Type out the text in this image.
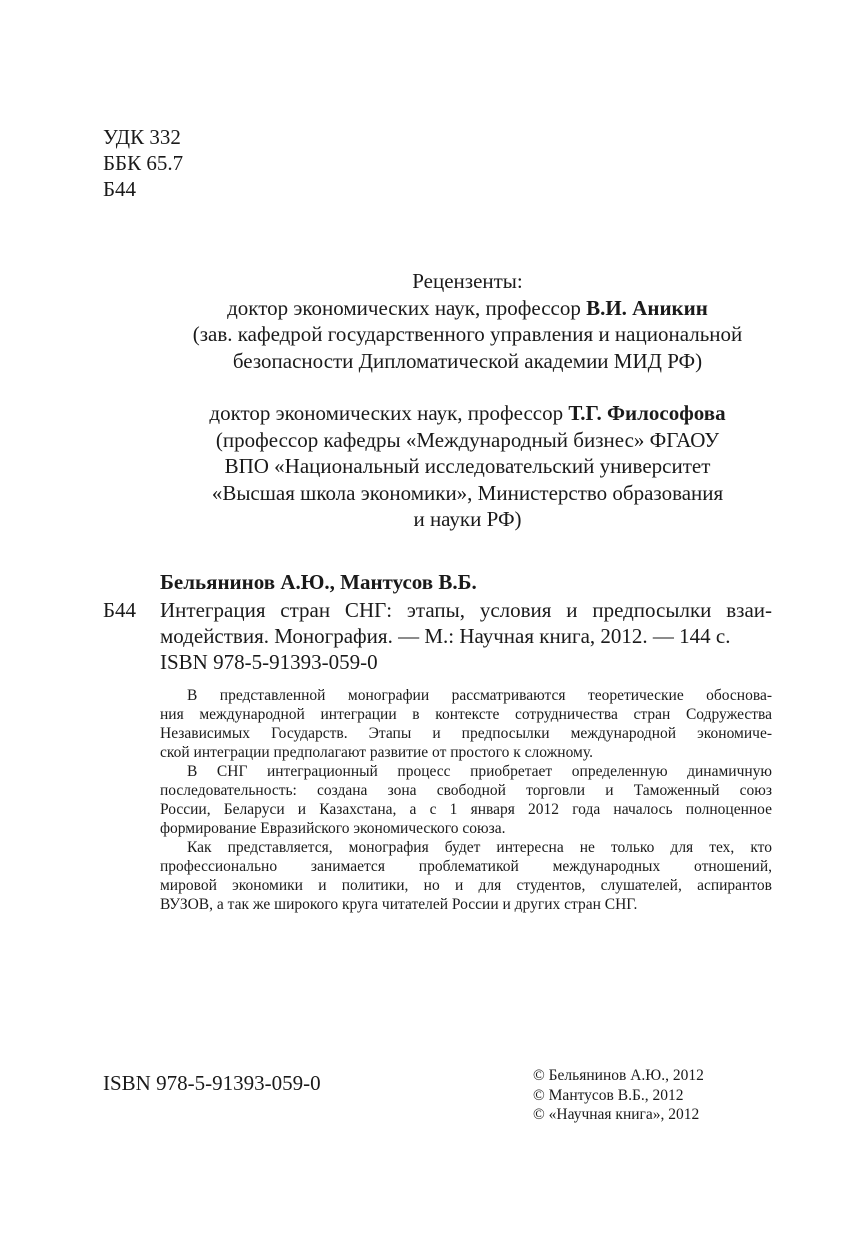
УДК 332
ББК 65.7
Б44
Рецензенты:
доктор экономических наук, профессор В.И. Аникин
(зав. кафедрой государственного управления и национальной
безопасности Дипломатической академии МИД РФ)
доктор экономических наук, профессор Т.Г. Философова
(профессор кафедры «Международный бизнес» ФГАОУ
ВПО «Национальный исследовательский университет
«Высшая школа экономики», Министерство образования
и науки РФ)
Бельянинов А.Ю., Мантусов В.Б.
Б44 Интеграция стран СНГ: этапы, условия и предпосылки взаи-
модействия. Монография. — М.: Научная книга, 2012. — 144 с.
ISBN 978-5-91393-059-0
В представленной монографии рассматриваются теоретические обоснова-
ния международной интеграции в контексте сотрудничества стран Содружества
Независимых Государств. Этапы и предпосылки международной экономиче-
ской интеграции предполагают развитие от простого к сложному.
В СНГ интеграционный процесс приобретает определенную динамичную
последовательность: создана зона свободной торговли и Таможенный союз
России, Беларуси и Казахстана, а с 1 января 2012 года началось полноценное
формирование Евразийского экономического союза.
Как представляется, монография будет интересна не только для тех, кто
профессионально занимается проблематикой международных отношений,
мировой экономики и политики, но и для студентов, слушателей, аспирантов
ВУЗОВ, а так же широкого круга читателей России и других стран СНГ.
ISBN 978-5-91393-059-0	© Бельянинов А.Ю., 2012
© Мантусов В.Б., 2012
© «Научная книга», 2012
